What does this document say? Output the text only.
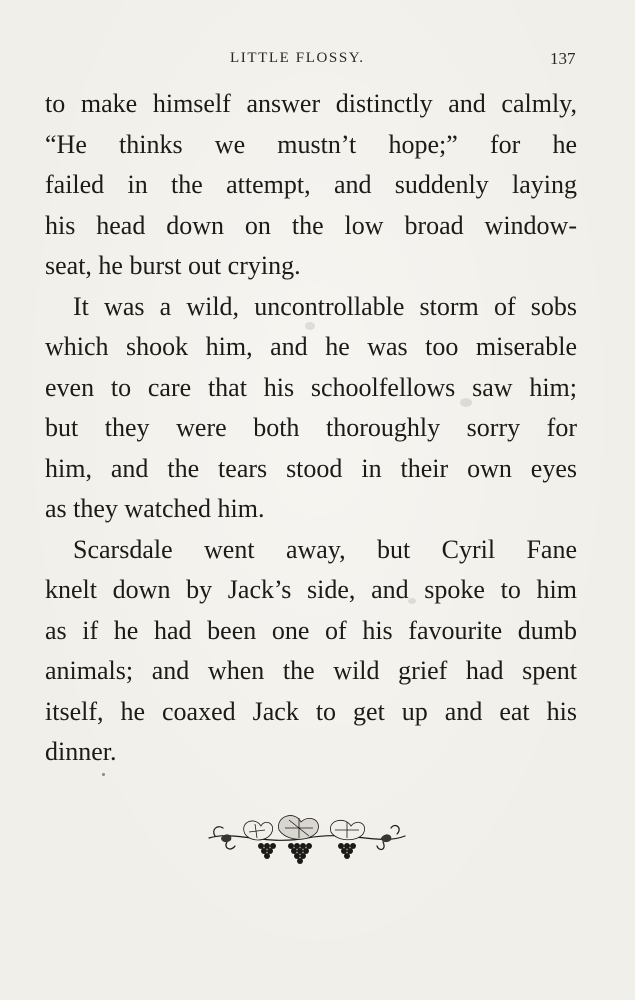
LITTLE FLOSSY.	137
to make himself answer distinctly and calmly,
“He thinks we mustn’t hope;” for he
failed in the attempt, and suddenly laying
his head down on the low broad window-
seat, he burst out crying.
It was a wild, uncontrollable storm of sobs
which shook him, and he was too miserable
even to care that his schoolfellows saw him;
but they were both thoroughly sorry for
him, and the tears stood in their own eyes
as they watched him.
Scarsdale went away, but Cyril Fane
knelt down by Jack’s side, and spoke to him
as if he had been one of his favourite dumb
animals; and when the wild grief had spent
itself, he coaxed Jack to get up and eat his
dinner.
